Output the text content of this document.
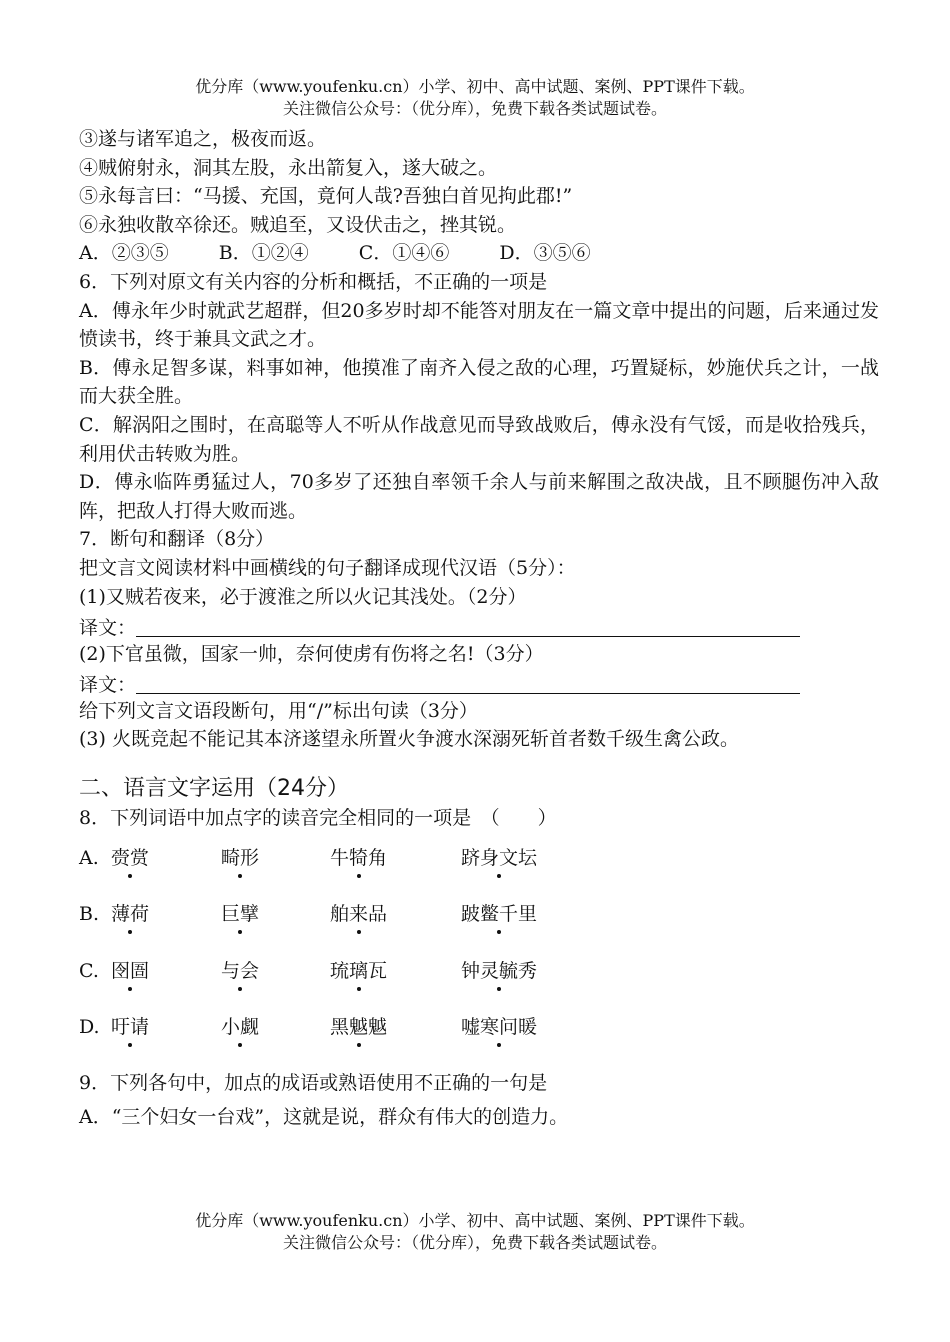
优分库（www.youfenku.cn）小学、初中、高中试题、案例、PPT课件下载。
关注微信公众号：（优分库），免费下载各类试题试卷。
③遂与诸军追之，极夜而返。
④贼俯射永，洞其左股，永出箭复入，遂大破之。
⑤永每言曰：“马援、充国，竟何人哉?吾独白首见拘此郡!”
⑥永独收散卒徐还。贼追至，又设伏击之，挫其锐。
A．②③⑤	B．①②④	C．①④⑥	D．③⑤⑥
6．下列对原文有关内容的分析和概括，不正确的一项是
A．傅永年少时就武艺超群，但20多岁时却不能答对朋友在一篇文章中提出的问题，后来通过发愤读书，终于兼具文武之才。
B．傅永足智多谋，料事如神，他摸准了南齐入侵之敌的心理，巧置疑标，妙施伏兵之计，一战而大获全胜。
C．解涡阳之围时，在高聪等人不听从作战意见而导致战败后，傅永没有气馁，而是收拾残兵，利用伏击转败为胜。
D．傅永临阵勇猛过人，70多岁了还独自率领千余人与前来解围之敌决战，且不顾腿伤冲入敌阵，把敌人打得大败而逃。
7．断句和翻译（8分）
把文言文阅读材料中画横线的句子翻译成现代汉语（5分）：
(1)又贼若夜来，必于渡淮之所以火记其浅处。（2分）
译文：
(2)下官虽微，国家一帅，奈何使虏有伤将之名!（3分）
译文：
给下列文言文语段断句，用“/”标出句读（3分）
(3) 火既竞起不能记其本济遂望永所置火争渡水深溺死斩首者数千级生禽公政。
二、语言文字运用（24分）
8．下列词语中加点字的读音完全相同的一项是　（　　）
A. 赍赏	畸形	牛犄角	跻身文坛
B. 薄荷	巨擘	舶来品	跛鳖千里
C. 囹圄	与会	琉璃瓦	钟灵毓秀
D. 吁请	小觑	黑魆魆	嘘寒问暖
9．下列各句中，加点的成语或熟语使用不正确的一句是
A．“三个妇女一台戏”，这就是说，群众有伟大的创造力。
优分库（www.youfenku.cn）小学、初中、高中试题、案例、PPT课件下载。
关注微信公众号：（优分库），免费下载各类试题试卷。
